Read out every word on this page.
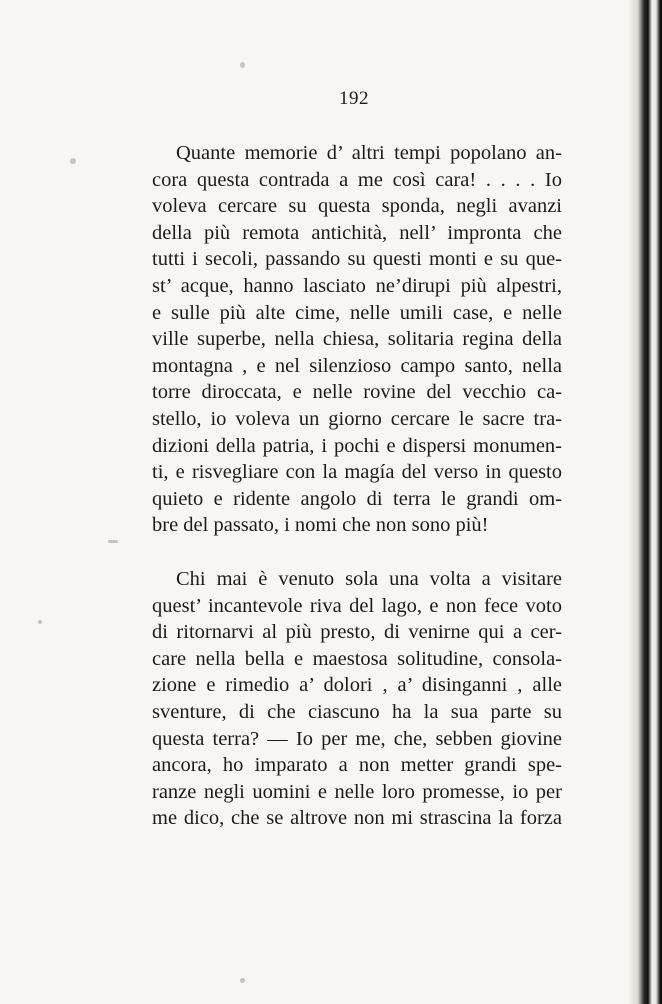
192
Quante memorie d’ altri tempi popolano an-
cora questa contrada a me così cara! . . . . Io
voleva cercare su questa sponda, negli avanzi
della più remota antichità, nell’ impronta che
tutti i secoli, passando su questi monti e su que-
st’ acque, hanno lasciato ne’dirupi più alpestri,
e sulle più alte cime, nelle umili case, e nelle
ville superbe, nella chiesa, solitaria regina della
montagna , e nel silenzioso campo santo, nella
torre diroccata, e nelle rovine del vecchio ca-
stello, io voleva un giorno cercare le sacre tra-
dizioni della patria, i pochi e dispersi monumen-
ti, e risvegliare con la magía del verso in questo
quieto e ridente angolo di terra le grandi om-
bre del passato, i nomi che non sono più!
Chi mai è venuto sola una volta a visitare
quest’ incantevole riva del lago, e non fece voto
di ritornarvi al più presto, di venirne qui a cer-
care nella bella e maestosa solitudine, consola-
zione e rimedio a’ dolori , a’ disinganni , alle
sventure, di che ciascuno ha la sua parte su
questa terra? — Io per me, che, sebben giovine
ancora, ho imparato a non metter grandi spe-
ranze negli uomini e nelle loro promesse, io per
me dico, che se altrove non mi strascina la forza
